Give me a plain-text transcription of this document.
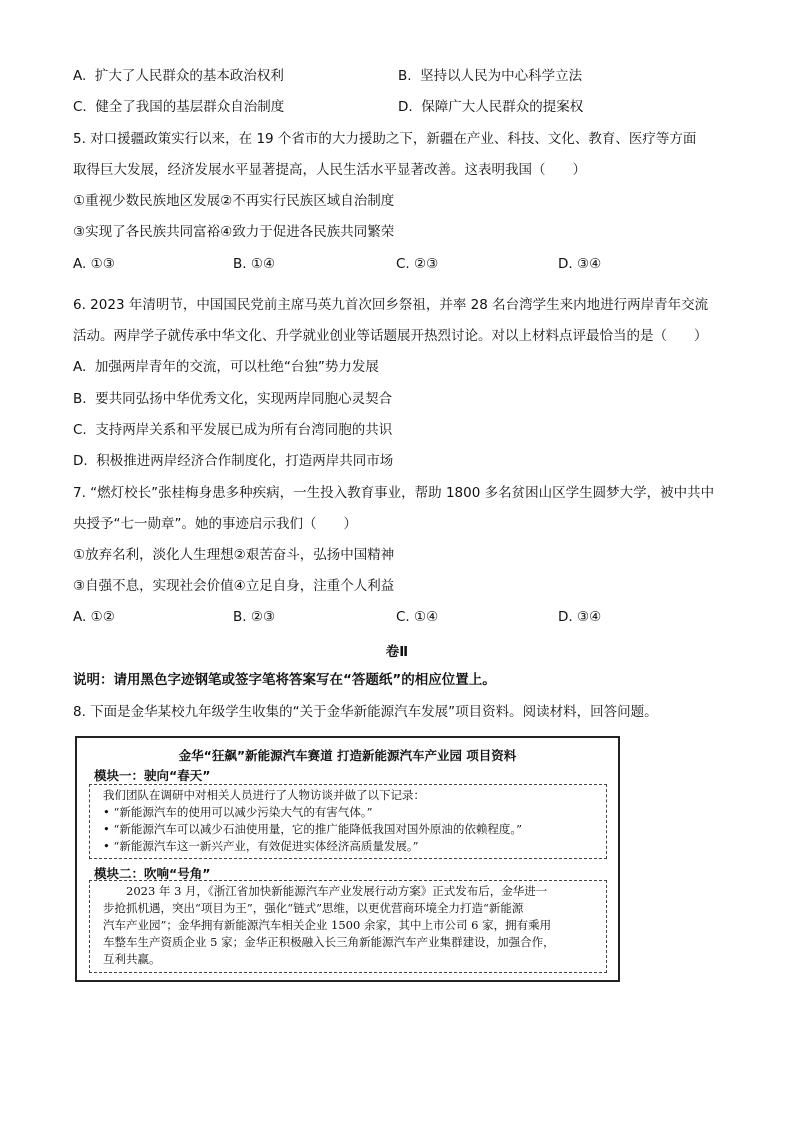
A. 扩大了人民群众的基本政治权利	B. 坚持以人民为中心科学立法
C. 健全了我国的基层群众自治制度	D. 保障广大人民群众的提案权
5. 对口援疆政策实行以来，在 19 个省市的大力援助之下，新疆在产业、科技、文化、教育、医疗等方面
取得巨大发展，经济发展水平显著提高，人民生活水平显著改善。这表明我国（　　）
①重视少数民族地区发展②不再实行民族区域自治制度
③实现了各民族共同富裕④致力于促进各民族共同繁荣
A. ①③	B. ①④	C. ②③	D. ③④
6. 2023 年清明节，中国国民党前主席马英九首次回乡祭祖，并率 28 名台湾学生来内地进行两岸青年交流
活动。两岸学子就传承中华文化、升学就业创业等话题展开热烈讨论。对以上材料点评最恰当的是（　　）
A. 加强两岸青年的交流，可以杜绝“台独”势力发展
B. 要共同弘扬中华优秀文化，实现两岸同胞心灵契合
C. 支持两岸关系和平发展已成为所有台湾同胞的共识
D. 积极推进两岸经济合作制度化，打造两岸共同市场
7. “燃灯校长”张桂梅身患多种疾病，一生投入教育事业，帮助 1800 多名贫困山区学生圆梦大学，被中共中
央授予“七一勋章”。她的事迹启示我们（　　）
①放弃名利，淡化人生理想②艰苦奋斗，弘扬中国精神
③自强不息，实现社会价值④立足自身，注重个人利益
A. ①②	B. ②③	C. ①④	D. ③④
卷Ⅱ
说明：请用黑色字迹钢笔或签字笔将答案写在“答题纸”的相应位置上。
8. 下面是金华某校九年级学生收集的“关于金华新能源汽车发展”项目资料。阅读材料，回答问题。
金华“狂飙”新能源汽车赛道 打造新能源汽车产业园 项目资料
模块一：驶向“春天”
我们团队在调研中对相关人员进行了人物访谈并做了以下记录：
• “新能源汽车的使用可以减少污染大气的有害气体。”
• “新能源汽车可以减少石油使用量，它的推广能降低我国对国外原油的依赖程度。”
• “新能源汽车这一新兴产业，有效促进实体经济高质量发展。”
模块二：吹响“号角”
　　2023 年 3 月，《浙江省加快新能源汽车产业发展行动方案》正式发布后，金华进一
步抢抓机遇，突出“项目为王”，强化“链式”思维，以更优营商环境全力打造“新能源
汽车产业园”；金华拥有新能源汽车相关企业 1500 余家，其中上市公司 6 家，拥有乘用
车整车生产资质企业 5 家；金华正积极融入长三角新能源汽车产业集群建设，加强合作，
互利共赢。
